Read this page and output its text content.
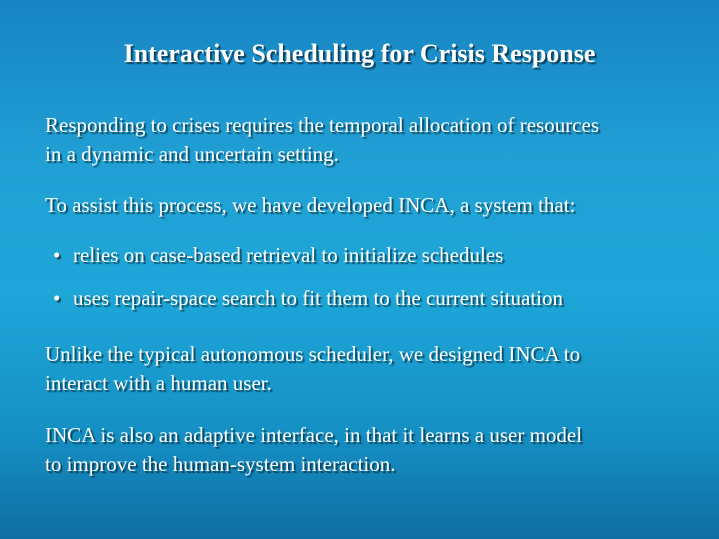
Interactive Scheduling for Crisis Response
Responding to crises requires the temporal allocation of resources
in a dynamic and uncertain setting.
To assist this process, we have developed INCA, a system that:
• relies on case-based retrieval to initialize schedules
• uses repair-space search to fit them to the current situation
Unlike the typical autonomous scheduler, we designed INCA to
interact with a human user.
INCA is also an adaptive interface, in that it learns a user model
to improve the human-system interaction.
